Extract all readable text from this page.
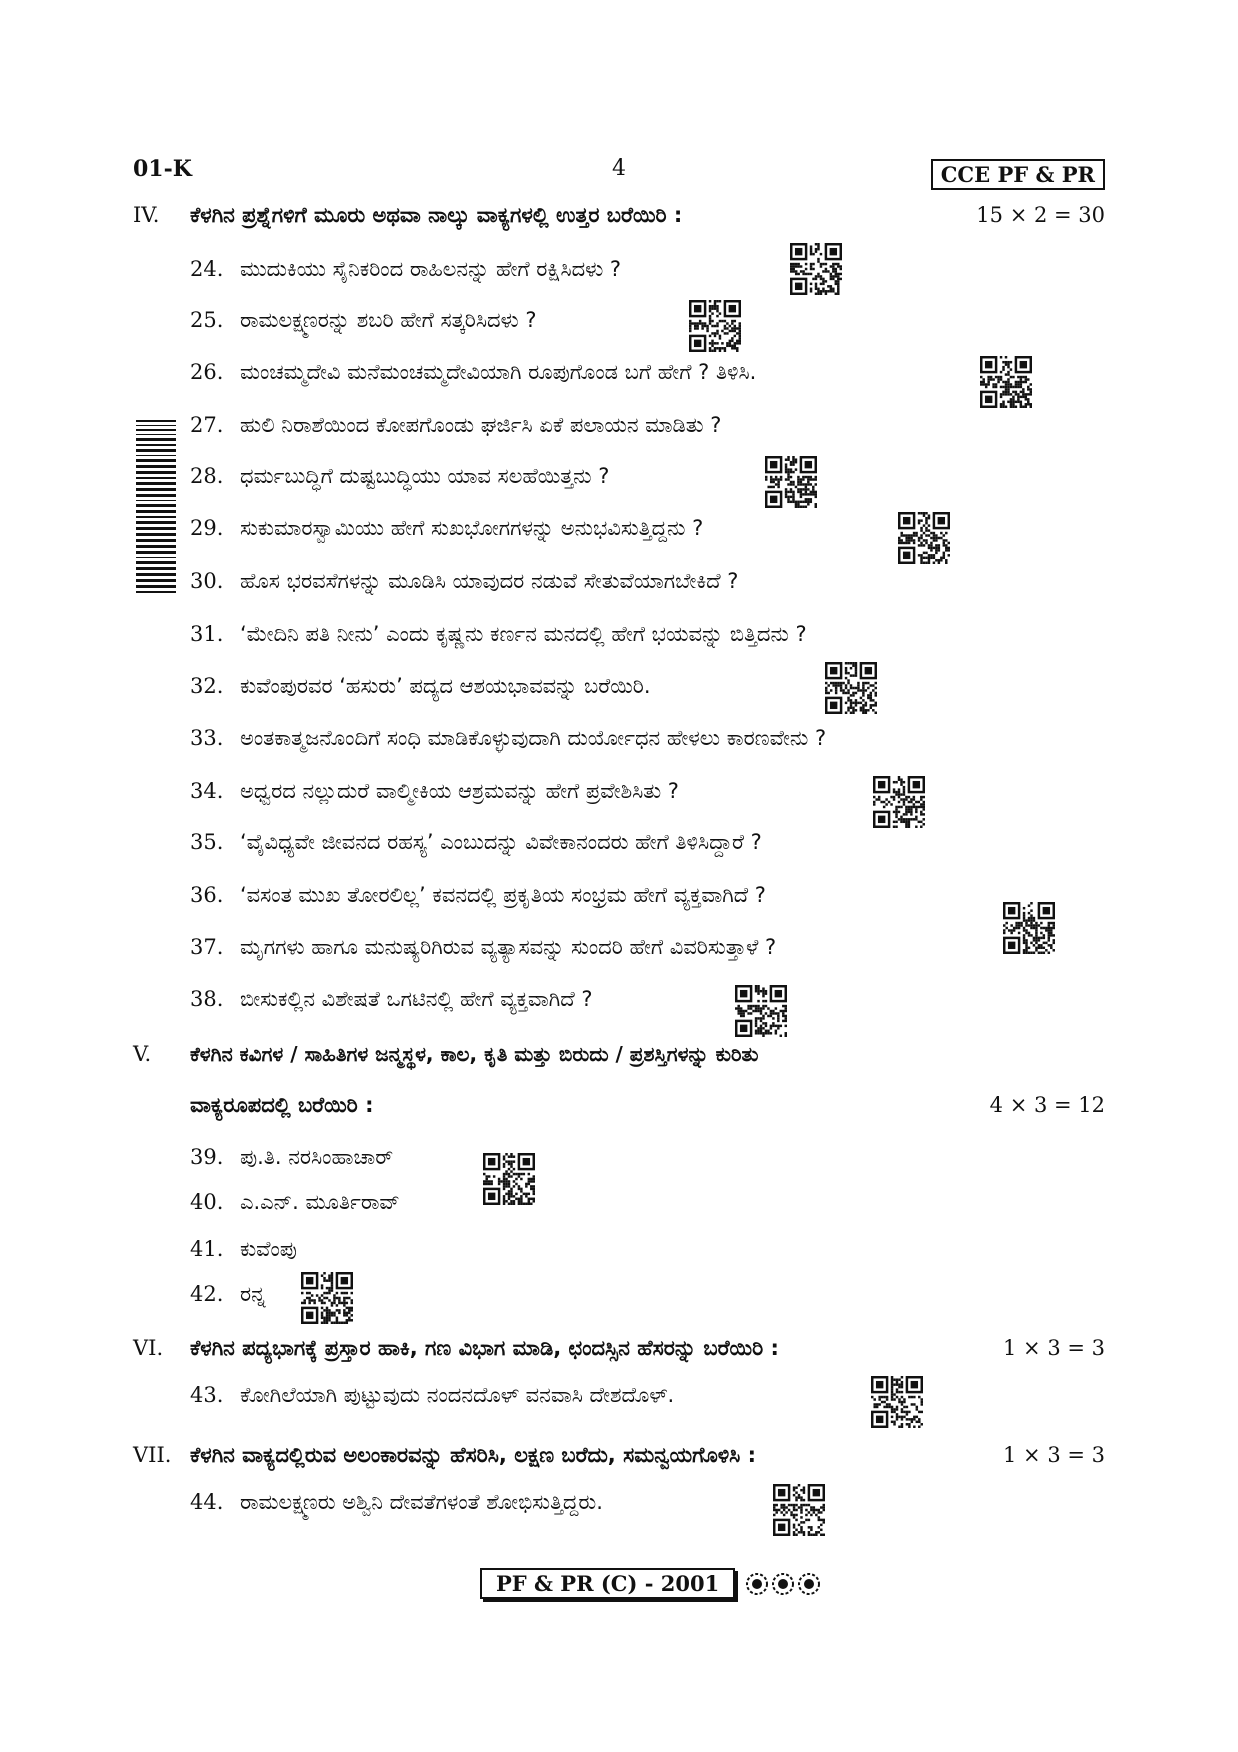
01-K	4	CCE PF & PR
IV. ಕೆಳಗಿನ ಪ್ರಶ್ನೆಗಳಿಗೆ ಮೂರು ಅಥವಾ ನಾಲ್ಕು ವಾಕ್ಯಗಳಲ್ಲಿ ಉತ್ತರ ಬರೆಯಿರಿ :	15 × 2 = 30
24. ಮುದುಕಿಯು ಸೈನಿಕರಿಂದ ರಾಹಿಲನನ್ನು ಹೇಗೆ ರಕ್ಷಿಸಿದಳು ?
25. ರಾಮಲಕ್ಷ್ಮಣರನ್ನು ಶಬರಿ ಹೇಗೆ ಸತ್ಕರಿಸಿದಳು ?
26. ಮಂಚಮ್ಮದೇವಿ ಮನೆಮಂಚಮ್ಮದೇವಿಯಾಗಿ ರೂಪುಗೊಂಡ ಬಗೆ ಹೇಗೆ ? ತಿಳಿಸಿ.
27. ಹುಲಿ ನಿರಾಶೆಯಿಂದ ಕೋಪಗೊಂಡು ಘರ್ಜಿಸಿ ಏಕೆ ಪಲಾಯನ ಮಾಡಿತು ?
28. ಧರ್ಮಬುದ್ಧಿಗೆ ದುಷ್ಟಬುದ್ಧಿಯು ಯಾವ ಸಲಹೆಯಿತ್ತನು ?
29. ಸುಕುಮಾರಸ್ವಾಮಿಯು ಹೇಗೆ ಸುಖಭೋಗಗಳನ್ನು ಅನುಭವಿಸುತ್ತಿದ್ದನು ?
30. ಹೊಸ ಭರವಸೆಗಳನ್ನು ಮೂಡಿಸಿ ಯಾವುದರ ನಡುವೆ ಸೇತುವೆಯಾಗಬೇಕಿದೆ ?
31. ‘ಮೇದಿನಿ ಪತಿ ನೀನು’ ಎಂದು ಕೃಷ್ಣನು ಕರ್ಣನ ಮನದಲ್ಲಿ ಹೇಗೆ ಭಯವನ್ನು ಬಿತ್ತಿದನು ?
32. ಕುವೆಂಪುರವರ ‘ಹಸುರು’ ಪದ್ಯದ ಆಶಯಭಾವವನ್ನು ಬರೆಯಿರಿ.
33. ಅಂತಕಾತ್ಮಜನೊಂದಿಗೆ ಸಂಧಿ ಮಾಡಿಕೊಳ್ಳುವುದಾಗಿ ದುರ್ಯೋಧನ ಹೇಳಲು ಕಾರಣವೇನು ?
34. ಅಧ್ವರದ ನಲ್ಲುದುರೆ ವಾಲ್ಮೀಕಿಯ ಆಶ್ರಮವನ್ನು ಹೇಗೆ ಪ್ರವೇಶಿಸಿತು ?
35. ‘ವೈವಿಧ್ಯವೇ ಜೀವನದ ರಹಸ್ಯ’ ಎಂಬುದನ್ನು ವಿವೇಕಾನಂದರು ಹೇಗೆ ತಿಳಿಸಿದ್ದಾರೆ ?
36. ‘ವಸಂತ ಮುಖ ತೋರಲಿಲ್ಲ’ ಕವನದಲ್ಲಿ ಪ್ರಕೃತಿಯ ಸಂಭ್ರಮ ಹೇಗೆ ವ್ಯಕ್ತವಾಗಿದೆ ?
37. ಮೃಗಗಳು ಹಾಗೂ ಮನುಷ್ಯರಿಗಿರುವ ವ್ಯತ್ಯಾಸವನ್ನು ಸುಂದರಿ ಹೇಗೆ ವಿವರಿಸುತ್ತಾಳೆ ?
38. ಬೀಸುಕಲ್ಲಿನ ವಿಶೇಷತೆ ಒಗಟಿನಲ್ಲಿ ಹೇಗೆ ವ್ಯಕ್ತವಾಗಿದೆ ?
V. ಕೆಳಗಿನ ಕವಿಗಳ / ಸಾಹಿತಿಗಳ ಜನ್ಮಸ್ಥಳ, ಕಾಲ, ಕೃತಿ ಮತ್ತು ಬಿರುದು / ಪ್ರಶಸ್ತಿಗಳನ್ನು ಕುರಿತು
ವಾಕ್ಯರೂಪದಲ್ಲಿ ಬರೆಯಿರಿ :	4 × 3 = 12
39. ಪು.ತಿ. ನರಸಿಂಹಾಚಾರ್
40. ಎ.ಎನ್. ಮೂರ್ತಿರಾವ್
41. ಕುವೆಂಪು
42. ರನ್ನ
VI. ಕೆಳಗಿನ ಪದ್ಯಭಾಗಕ್ಕೆ ಪ್ರಸ್ತಾರ ಹಾಕಿ, ಗಣ ವಿಭಾಗ ಮಾಡಿ, ಛಂದಸ್ಸಿನ ಹೆಸರನ್ನು ಬರೆಯಿರಿ :	1 × 3 = 3
43. ಕೋಗಿಲೆಯಾಗಿ ಪುಟ್ಟುವುದು ನಂದನದೊಳ್ ವನವಾಸಿ ದೇಶದೊಳ್.
VII. ಕೆಳಗಿನ ವಾಕ್ಯದಲ್ಲಿರುವ ಅಲಂಕಾರವನ್ನು ಹೆಸರಿಸಿ, ಲಕ್ಷಣ ಬರೆದು, ಸಮನ್ವಯಗೊಳಿಸಿ :	1 × 3 = 3
44. ರಾಮಲಕ್ಷ್ಮಣರು ಅಶ್ವಿನಿ ದೇವತೆಗಳಂತೆ ಶೋಭಿಸುತ್ತಿದ್ದರು.
PF & PR (C) - 2001
